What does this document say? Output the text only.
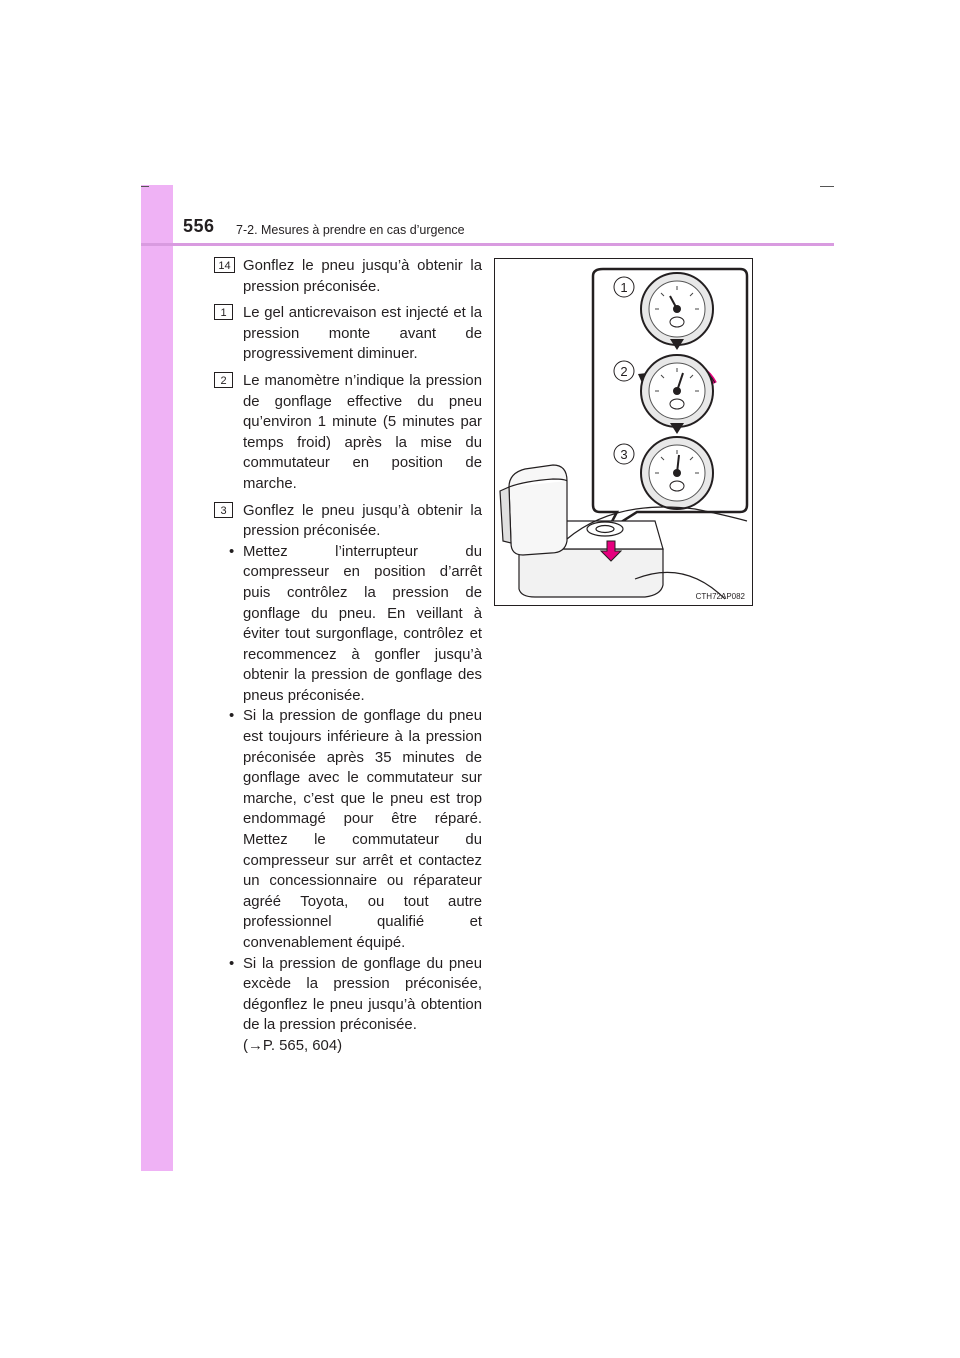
556 7-2. Mesures à prendre en cas d’urgence
14 Gonflez le pneu jusqu’à obtenir la pression préconisée.
1	Le gel anticrevaison est injecté et la pression monte avant de progressivement diminuer.
2	Le manomètre n’indique la pression de gonflage effective du pneu qu’environ 1 minute (5 minutes par temps froid) après la mise du commutateur en position de marche.
3	Gonflez le pneu jusqu’à obtenir la pression préconisée.
• Mettez l’interrupteur du compresseur en position d’arrêt puis contrôlez la pression de gonflage du pneu. En veillant à éviter tout surgonflage, contrôlez et recommencez à gonfler jusqu’à obtenir la pression de gonflage des pneus préconisée.
• Si la pression de gonflage du pneu est toujours inférieure à la pression préconisée après 35 minutes de gonflage avec le commutateur sur marche, c’est que le pneu est trop endommagé pour être réparé. Mettez le commutateur du compresseur sur arrêt et contactez un concessionnaire ou réparateur agréé Toyota, ou tout autre professionnel qualifié et convenablement équipé.
• Si la pression de gonflage du pneu excède la pression préconisée, dégonflez le pneu jusqu’à obtention de la pression préconisée.
(→P. 565, 604)
1
2
3
CTH72AP082
